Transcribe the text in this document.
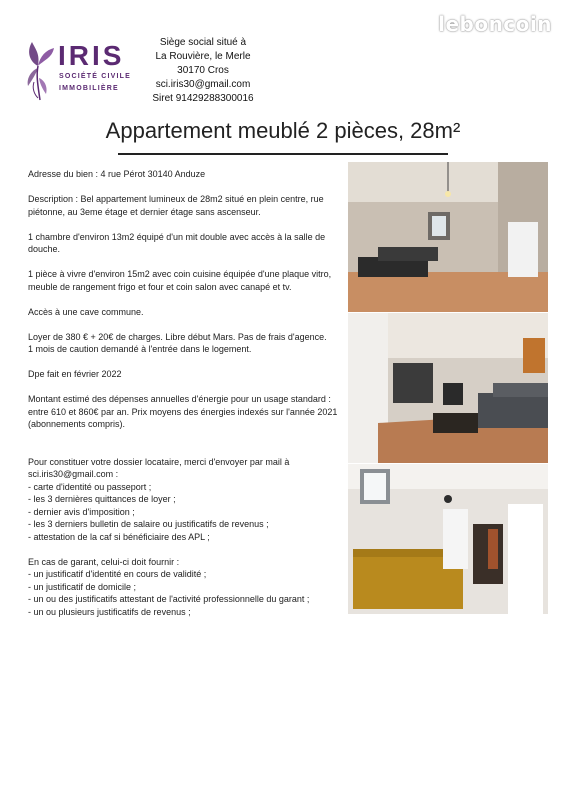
leboncoin
IRIS
SOCIÉTÉ CIVILE
IMMOBILIÈRE
Siège social situé à
La Rouvière, le Merle
30170 Cros
sci.iris30@gmail.com
Siret 91429288300016
Appartement meublé 2 pièces, 28m²

Adresse du bien : 4 rue Pérot 30140 Anduze

Description : Bel appartement lumineux de 28m2 situé en plein centre, rue piétonne, au 3eme étage et dernier étage sans ascenseur.

1 chambre d'environ 13m2 équipé d'un mit double avec accès à la salle de douche.

1 pièce à vivre d'environ 15m2 avec coin cuisine équipée d'une plaque vitro, meuble de rangement frigo et four et coin salon avec canapé et tv.

Accès à une cave commune.

Loyer de 380 € + 20€ de charges. Libre début Mars. Pas de frais d'agence.
1 mois de caution demandé à l'entrée dans le logement.

Dpe fait en février 2022

Montant estimé des dépenses annuelles d'énergie pour un usage standard : entre 610 et 860€ par an. Prix moyens des énergies indexés sur l'année 2021 (abonnements compris).

Pour constituer votre dossier locataire, merci d'envoyer par mail à sci.iris30@gmail.com :
- carte d'identité ou passeport ;
- les 3 dernières quittances de loyer ;
- dernier avis d'imposition ;
- les 3 derniers bulletin de salaire ou justificatifs de revenus ;
- attestation de la caf si bénéficiaire des APL ;
En cas de garant, celui-ci doit fournir :
- un justificatif d'identité en cours de validité ;
- un justificatif de domicile ;
- un ou des justificatifs attestant de l'activité professionnelle du garant ;
- un ou plusieurs justificatifs de revenus ;
